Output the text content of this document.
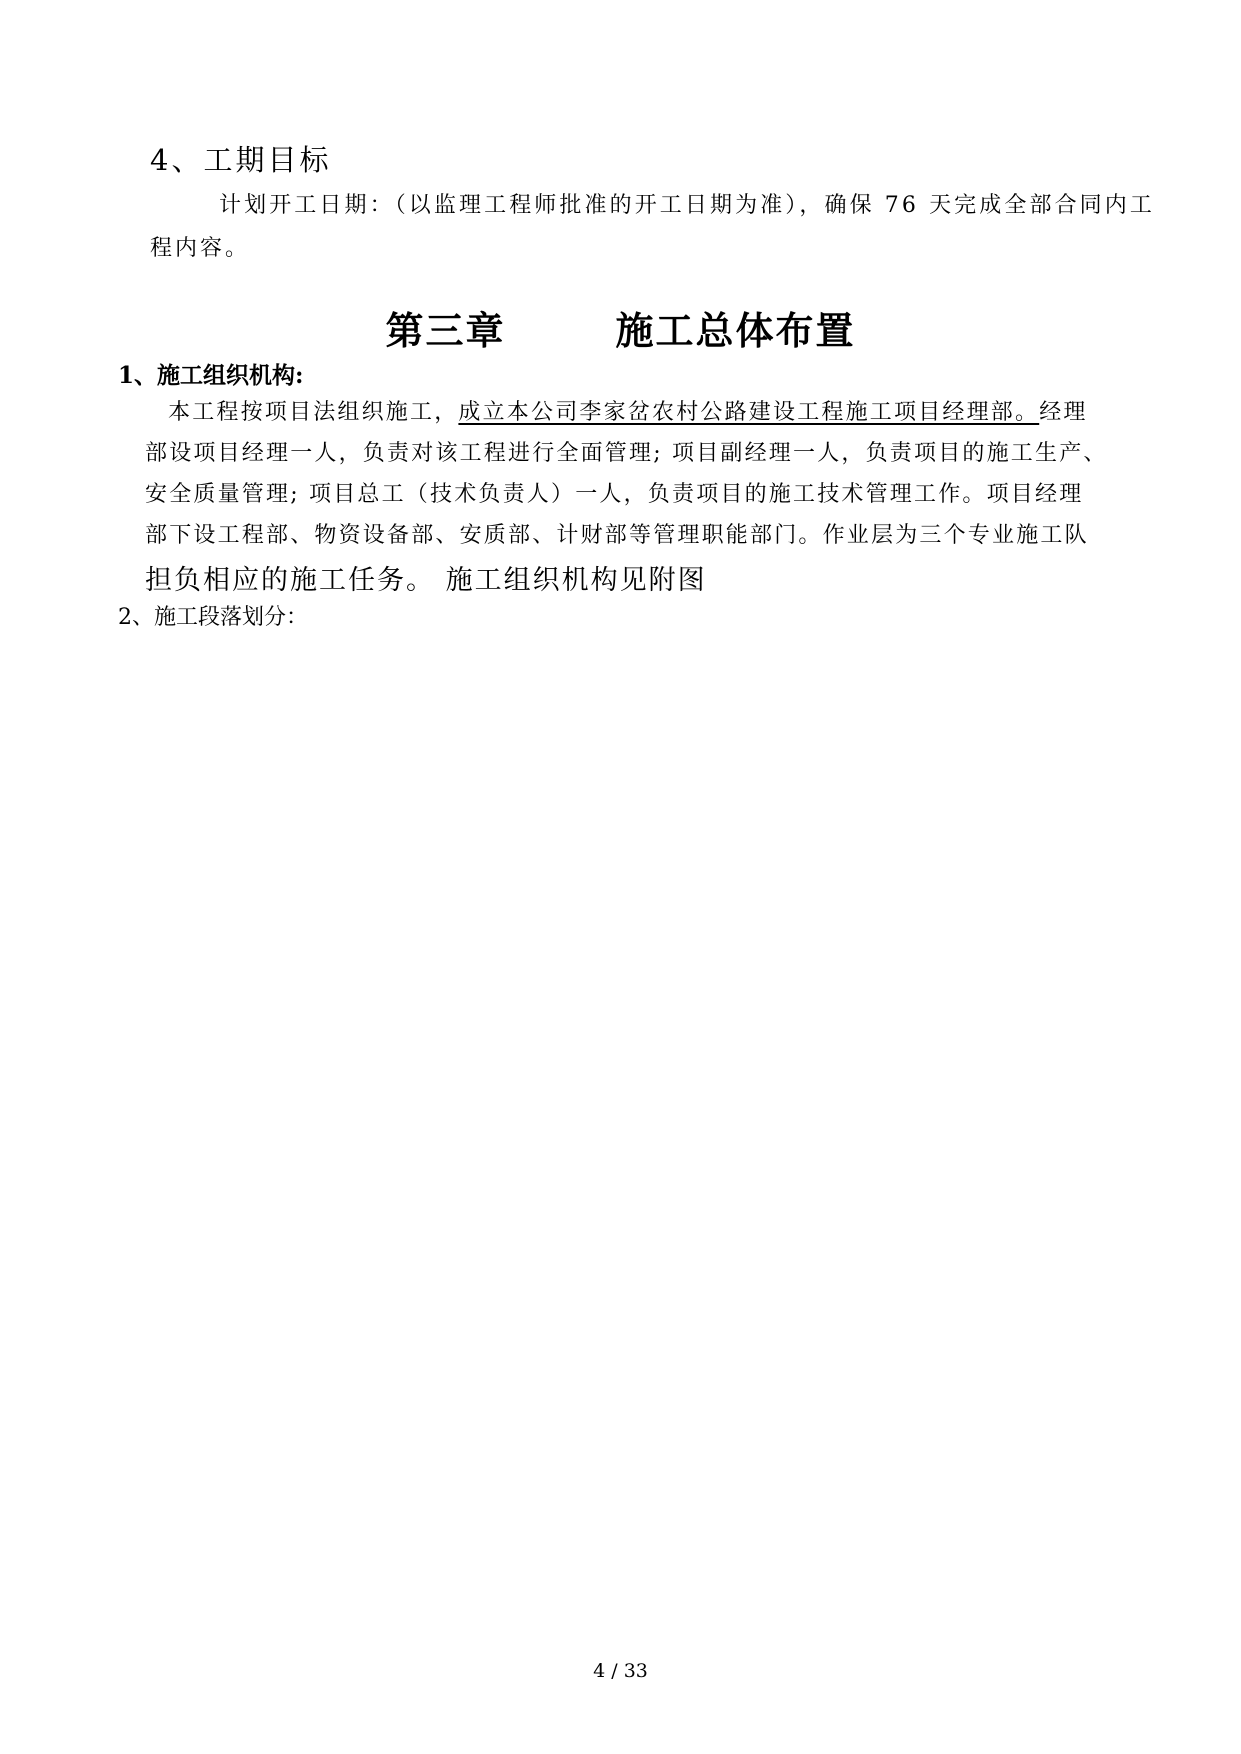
4、工期目标
计划开工日期：（以监理工程师批准的开工日期为准），确保 76 天完成全部合同内工
程内容。
第三章	施工总体布置
1、施工组织机构:
本工程按项目法组织施工，成立本公司李家岔农村公路建设工程施工项目经理部。经理
部设项目经理一人，负责对该工程进行全面管理; 项目副经理一人，负责项目的施工生产、
安全质量管理; 项目总工（技术负责人）一人，负责项目的施工技术管理工作。项目经理
部下设工程部、物资设备部、安质部、计财部等管理职能部门。作业层为三个专业施工队
担负相应的施工任务。 施工组织机构见附图
2、施工段落划分：
4 / 33
